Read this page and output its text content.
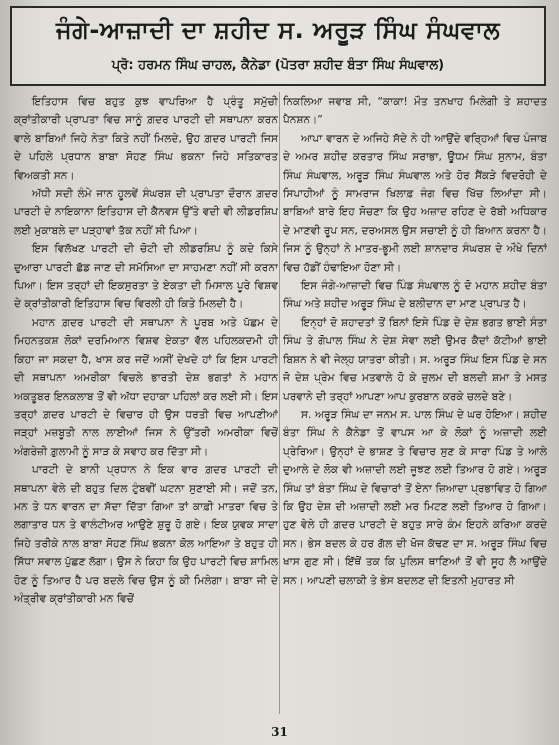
ਜੰਗੇ-ਆਜ਼ਾਦੀ ਦਾ ਸ਼ਹੀਦ ਸ. ਅਰੂੜ ਸਿੰਘ ਸੰਘਵਾਲ
ਪ੍ਰੋ: ਹਰਮਨ ਸਿੰਘ ਚਾਹਲ, ਕੈਨੇਡਾ (ਪੋਤਰਾ ਸ਼ਹੀਦ ਬੰਤਾ ਸਿੰਘ ਸੰਘਵਾਲ)

ਇਤਿਹਾਸ ਵਿਚ ਬਹੁਤ ਕੁਝ ਵਾਪਰਿਆ ਹੈ ਪ੍ਰੰਤੂ ਸਮੁੱਚੀ ਕ੍ਰਾਂਤੀਕਾਰੀ ਪ੍ਰਾਪਤਾ ਵਿਚ ਸਾਨੂੰ ਗ਼ਦਰ ਪਾਰਟੀ ਦੀ ਸਥਾਪਨਾ ਕਰਨ ਵਾਲੇ ਬਾਬਿਆਂ ਜਿਹੇ ਨੇਤਾ ਕਿਤੇ ਨਹੀਂ ਮਿਲਦੇ, ਉਹ ਗ਼ਦਰ ਪਾਰਟੀ ਜਿਸ ਦੇ ਪਹਿਲੇ ਪ੍ਰਧਾਨ ਬਾਬਾ ਸੋਹਣ ਸਿੰਘ ਭਕਨਾ ਜਿਹੇ ਸਤਿਕਾਰਤ ਵਿਅਕਤੀ ਸਨ।

ਅੱਧੀ ਸਦੀ ਲੰਮੇ ਜਾਨ ਹੂਲਵੇਂ ਸੰਘਰਸ਼ ਦੀ ਪ੍ਰਾਪਤਾ ਦੌਰਾਨ ਗ਼ਦਰ ਪਾਰਟੀ ਦੇ ਨਾਇਕਾਨਾ ਇਤਿਹਾਸ ਦੀ ਕੈਨਵਸ ਉੱਤੇ ਵਦੀ ਵੀ ਲੀਡਰਸ਼ਿਪ ਲਈ ਮੁਕਾਬਲੇ ਦਾ ਪੜ੍ਹਾਵਾਂ ਤੱਕ ਨਹੀਂ ਸੀ ਪਿਆ।

ਇਸ ਵਿਲੱਖਣ ਪਾਰਟੀ ਦੀ ਚੋਟੀ ਦੀ ਲੀਡਰਸ਼ਿਪ ਨੂੰ ਕਦੇ ਕਿਸੇ ਦੁਆਰਾ ਪਾਰਟੀ ਛੱਡ ਜਾਣ ਦੀ ਸਮੱਸਿਆ ਦਾ ਸਾਹਮਣਾ ਨਹੀਂ ਸੀ ਕਰਨਾ ਪਿਆ। ਇਸ ਤਰ੍ਹਾਂ ਦੀ ਇਕਸੁਰਤਾ ਤੇ ਏਕਤਾ ਦੀ ਮਿਸਾਲ ਪੂਰੇ ਵਿਸ਼ਵ ਦੇ ਕ੍ਰਾਂਤੀਕਾਰੀ ਇਤਿਹਾਸ ਵਿਚ ਵਿਰਲੀ ਹੀ ਕਿਤੇ ਮਿਲਦੀ ਹੈ।

ਮਹਾਨ ਗ਼ਦਰ ਪਾਰਟੀ ਦੀ ਸਥਾਪਨਾ ਨੇ ਪੂਰਬ ਅਤੇ ਪੱਛਮ ਦੇ ਮਿਹਨਤਕਸ਼ ਲੋਕਾਂ ਦਰਮਿਆਨ ਵਿਸ਼ਵ ਏਕਤਾ ਵੱਲ ਪਹਿਲਕਦਮੀ ਹੀ ਕਿਹਾ ਜਾ ਸਕਦਾ ਹੈ, ਖਾਸ ਕਰ ਜਦੋਂ ਅਸੀਂ ਦੇਖਦੇ ਹਾਂ ਕਿ ਇਸ ਪਾਰਟੀ ਦੀ ਸਥਾਪਨਾ ਅਮਰੀਕਾ ਵਿਚਲੇ ਭਾਰਤੀ ਦੇਸ਼ ਭਗਤਾਂ ਨੇ ਮਹਾਨ ਅਕਤੂਬਰ ਇਨਕਲਾਬ ਤੋਂ ਵੀ ਅੱਧਾ ਦਹਾਕਾ ਪਹਿਲਾਂ ਕਰ ਲਈ ਸੀ। ਇਸ ਤਰ੍ਹਾਂ ਗ਼ਦਰ ਪਾਰਟੀ ਦੇ ਵਿਚਾਰ ਹੀ ਉਸ ਧਰਤੀ ਵਿਚ ਆਪਣੀਆਂ ਜੜ੍ਹਾਂ ਮਜ਼ਬੂਤੀ ਨਾਲ ਲਾਈਆਂ ਜਿਸ ਨੇ ਉੱਤਰੀ ਅਮਰੀਕਾ ਵਿਚੋਂ ਅੰਗਰੇਜ਼ੀ ਗ਼ੁਲਾਮੀ ਨੂੰ ਸਾੜ ਕੇ ਸਵਾਹ ਕਰ ਦਿੱਤਾ ਸੀ।

ਪਾਰਟੀ ਦੇ ਬਾਨੀ ਪ੍ਰਧਾਨ ਨੇ ਇਕ ਵਾਰ ਗ਼ਦਰ ਪਾਰਟੀ ਦੀ ਸਥਾਪਨਾ ਵੇਲੇ ਦੀ ਬਹੁਤ ਦਿਲ ਟੁੰਬਵੀਂ ਘਟਨਾ ਸੁਣਾਈ ਸੀ। ਜਦੋਂ ਤਨ, ਮਨ ਤੇ ਧਨ ਵਾਰਨ ਦਾ ਸੱਦਾ ਦਿੱਤਾ ਗਿਆ ਤਾਂ ਕਾਫ਼ੀ ਮਾਤਰਾ ਵਿਚ ਤੇ ਲਗਾਤਾਰ ਧਨ ਤੇ ਵਾਲੰਟੀਅਰ ਆਉਣੇ ਸ਼ੁਰੂ ਹੋ ਗਏ। ਇਕ ਯੁਵਕ ਸਾਦਾ ਜਿਹੇ ਤਰੀਕੇ ਨਾਲ ਬਾਬਾ ਸੋਹਣ ਸਿੰਘ ਭਕਨਾ ਕੋਲ ਆਇਆ ਤੇ ਬਹੁਤ ਹੀ ਸਿੱਧਾ ਸਵਾਲ ਪੁੱਛਣ ਲੱਗਾ। ਉਸ ਨੇ ਕਿਹਾ ਕਿ ਉਹ ਪਾਰਟੀ ਵਿਚ ਸ਼ਾਮਿਲ ਹੋਣ ਨੂੰ ਤਿਆਰ ਹੈ ਪਰ ਬਦਲੇ ਵਿਚ ਉਸ ਨੂੰ ਕੀ ਮਿਲੇਗਾ। ਬਾਬਾ ਜੀ ਦੇ ਅੰਤ੍ਰੀਵ ਕ੍ਰਾਂਤੀਕਾਰੀ ਮਨ ਵਿਚੋਂ

ਨਿਕਲਿਆ ਜਵਾਬ ਸੀ, “ਕਾਕਾ! ਮੌਤ ਤਨਖਾਹ ਮਿਲੇਗੀ ਤੇ ਸ਼ਹਾਦਤ ਪੈਨਸ਼ਨ।”

ਆਪਾ ਵਾਰਨ ਦੇ ਅਜਿਹੇ ਸੱਦੇ ਨੇ ਹੀ ਆਉਂਦੇ ਵਰ੍ਹਿਆਂ ਵਿਚ ਪੰਜਾਬ ਦੇ ਅਮਰ ਸ਼ਹੀਦ ਕਰਤਾਰ ਸਿੰਘ ਸਰਾਭਾ, ਊਧਮ ਸਿੰਘ ਸੁਨਾਮ, ਬੰਤਾ ਸਿੰਘ ਸੰਘਵਾਲ, ਅਰੂੜ ਸਿੰਘ ਸੰਘਵਾਲ ਅਤੇ ਹੋਰ ਸੈਂਕੜੇ ਵਿਦਰੋਹੀ ਦੇ ਸਿਪਾਹੀਆਂ ਨੂੰ ਸਾਮਰਾਜ ਖਿਲਾਫ਼ ਜੰਗ ਵਿਚ ਖਿੱਚ ਲਿਆਂਦਾ ਸੀ। ਬਾਬਿਆਂ ਬਾਰੇ ਇਹ ਸੋਚਣਾ ਕਿ ਉਹ ਅਜ਼ਾਦ ਰਹਿਣ ਦੇ ਰੱਬੀ ਅਧਿਕਾਰ ਦੇ ਮਾਣਵੀ ਰੂਪ ਸਨ, ਦਰਅਸਲ ਉਸ ਸਚਾਈ ਨੂੰ ਹੀ ਬਿਆਨ ਕਰਨਾ ਹੈ। ਜਿਸ ਨੂੰ ਉਨ੍ਹਾਂ ਨੇ ਮਾਤਰ-ਭੂਮੀ ਲਈ ਸ਼ਾਨਦਾਰ ਸੰਘਰਸ਼ ਦੇ ਔਖੇ ਦਿਨਾਂ ਵਿਚ ਹੱਡੀਂ ਹੰਢਾਇਆ ਹੋਣਾ ਸੀ।

ਇਸ ਜੰਗੇ-ਆਜ਼ਾਦੀ ਵਿਚ ਪਿੰਡ ਸੰਘਵਾਲ ਨੂੰ ਦੋ ਮਹਾਨ ਸ਼ਹੀਦ ਬੰਤਾ ਸਿੰਘ ਅਤੇ ਸ਼ਹੀਦ ਅਰੂੜ ਸਿੰਘ ਦੇ ਬਲੀਦਾਨ ਦਾ ਮਾਣ ਪ੍ਰਾਪਤ ਹੈ।

ਇਨ੍ਹਾਂ ਦੋ ਸ਼ਹਾਦਤਾਂ ਤੋਂ ਬਿਨਾਂ ਇਸੇ ਪਿੰਡ ਦੇ ਦੇਸ਼ ਭਗਤ ਭਾਈ ਸੰਤਾ ਸਿੰਘ ਤੇ ਗੋਪਾਲ ਸਿੰਘ ਨੇ ਦੇਸ਼ ਸੇਵਾ ਲਈ ਉਮਰ ਕੈਦਾਂ ਕੱਟੀਆਂ ਭਾਈ ਬਿਸ਼ਨ ਨੇ ਵੀ ਜੇਲ੍ਹ ਯਾਤਰਾ ਕੀਤੀ। ਸ. ਅਰੂੜ ਸਿੰਘ ਇਸ ਪਿੰਡ ਦੇ ਸਨ ਜੋ ਦੇਸ਼ ਪ੍ਰੇਮ ਵਿਚ ਮਤਵਾਲੇ ਹੋ ਕੇ ਜ਼ੁਲਮ ਦੀ ਬਲਦੀ ਸ਼ਮਾ ਤੇ ਮਸਤ ਪਰਵਾਨੇ ਦੀ ਤਰ੍ਹਾਂ ਆਪਣਾ ਆਪ ਕੁਰਬਾਨ ਕਰਕੇ ਚਲਦੇ ਬਣੇ।

ਸ. ਅਰੂੜ ਸਿੰਘ ਦਾ ਜਨਮ ਸ. ਪਾਲ ਸਿੰਘ ਦੇ ਘਰ ਹੋਇਆ। ਸ਼ਹੀਦ ਬੰਤਾ ਸਿੰਘ ਨੇ ਕੈਨੇਡਾ ਤੋਂ ਵਾਪਸ ਆ ਕੇ ਲੋਕਾਂ ਨੂੰ ਅਜ਼ਾਦੀ ਲਈ ਪ੍ਰੇਰਿਆ। ਉਨ੍ਹਾਂ ਦੇ ਭਾਸ਼ਣ ਤੇ ਵਿਚਾਰ ਸੁਣ ਕੇ ਸਾਰਾ ਪਿੰਡ ਤੇ ਆਲੇ ਦੁਆਲੇ ਦੇ ਲੋਕ ਵੀ ਅਜ਼ਾਦੀ ਲਈ ਜੂਝਣ ਲਈ ਤਿਆਰ ਹੋ ਗਏ। ਅਰੂੜ ਸਿੰਘ ਤਾਂ ਬੰਤਾ ਸਿੰਘ ਦੇ ਵਿਚਾਰਾਂ ਤੋਂ ਏਨਾ ਜ਼ਿਆਦਾ ਪ੍ਰਭਾਵਿਤ ਹੋ ਗਿਆ ਕਿ ਉਹ ਦੇਸ਼ ਦੀ ਅਜ਼ਾਦੀ ਲਈ ਮਰ ਮਿਟਣ ਲਈ ਤਿਆਰ ਹੋ ਗਿਆ। ਹੁਣ ਵੇਲੇ ਹੀ ਗ਼ਦਰ ਪਾਰਟੀ ਦੇ ਬਹੁਤ ਸਾਰੇ ਕੰਮ ਇਹਨੇ ਕਰਿਆ ਕਰਦੇ ਸਨ। ਭੇਸ ਬਦਲ ਕੇ ਹਰ ਗੱਲ ਦੀ ਖੋਜ ਕੱਢਣ ਦਾ ਸ. ਅਰੂੜ ਸਿੰਘ ਵਿਚ ਖਾਸ ਗੁਣ ਸੀ। ਇੱਥੋਂ ਤਕ ਕਿ ਪੁਲਿਸ ਥਾਣਿਆਂ ਤੋਂ ਵੀ ਸੂਹ ਲੈ ਆਉਂਦੇ ਸਨ। ਆਪਣੀ ਚਲਾਕੀ ਤੇ ਭੇਸ ਬਦਲਣ ਦੀ ਇਤਨੀ ਮੁਹਾਰਤ ਸੀ

31
